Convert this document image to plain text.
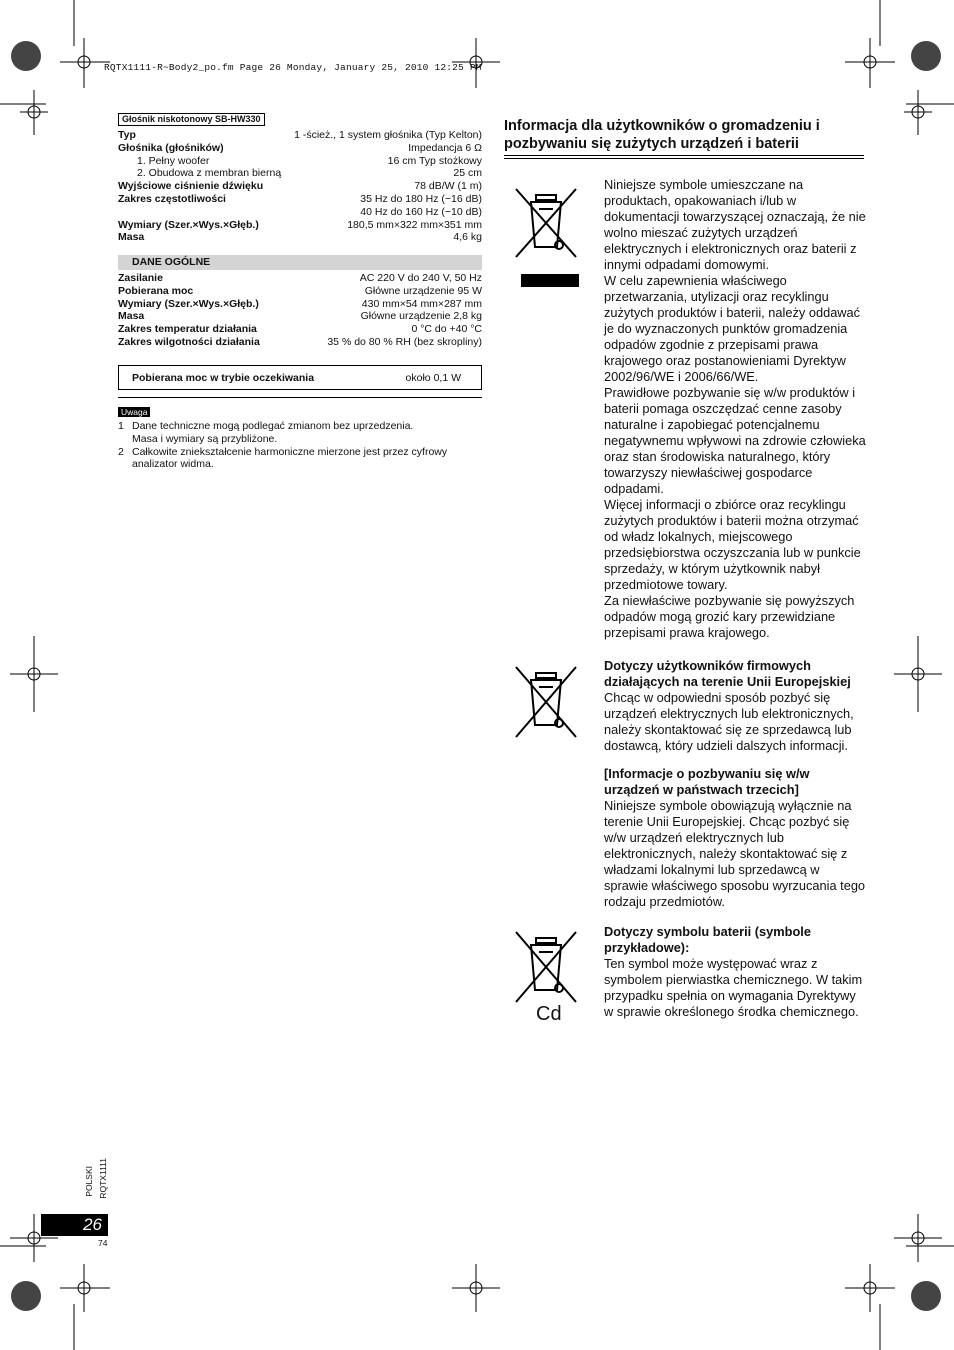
RQTX1111-R~Body2_po.fm Page 26 Monday, January 25, 2010 12:25 PM
Głośnik niskotonowy SB-HW330
Typ	1 -ścież., 1 system głośnika (Typ Kelton)
Głośnika (głośników)	Impedancja 6 Ω
1. Pełny woofer	16 cm Typ stożkowy
2. Obudowa z membran bierną	25 cm
Wyjściowe ciśnienie dźwięku	78 dB/W (1 m)
Zakres częstotliwości	35 Hz do 180 Hz (−16 dB)
40 Hz do 160 Hz (−10 dB)
Wymiary (Szer.×Wys.×Głęb.)	180,5 mm×322 mm×351 mm
Masa	4,6 kg
DANE OGÓLNE
Zasilanie	AC 220 V do 240 V, 50 Hz
Pobierana moc	Główne urządzenie 95 W
Wymiary (Szer.×Wys.×Głęb.)	430 mm×54 mm×287 mm
Masa	Główne urządzenie 2,8 kg
Zakres temperatur działania	0 °C do +40 °C
Zakres wilgotności działania	35 % do 80 % RH (bez skropliny)
Pobierana moc w trybie oczekiwania	około 0,1 W
Uwaga
1 Dane techniczne mogą podlegać zmianom bez uprzedzenia.
Masa i wymiary są przybliżone.
2 Całkowite zniekształcenie harmoniczne mierzone jest przez cyfrowy
analizator widma.
Informacja dla użytkowników o gromadzeniu i pozbywaniu się zużytych urządzeń i baterii
Niniejsze symbole umieszczane na produktach, opakowaniach i/lub w dokumentacji towarzyszącej oznaczają, że nie wolno mieszać zużytych urządzeń elektrycznych i elektronicznych oraz baterii z innymi odpadami domowymi.
W celu zapewnienia właściwego przetwarzania, utylizacji oraz recyklingu zużytych produktów i baterii, należy oddawać je do wyznaczonych punktów gromadzenia odpadów zgodnie z przepisami prawa krajowego oraz postanowieniami Dyrektyw 2002/96/WE i 2006/66/WE.
Prawidłowe pozbywanie się w/w produktów i baterii pomaga oszczędzać cenne zasoby naturalne i zapobiegać potencjalnemu negatywnemu wpływowi na zdrowie człowieka oraz stan środowiska naturalnego, który towarzyszy niewłaściwej gospodarce odpadami.
Więcej informacji o zbiórce oraz recyklingu zużytych produktów i baterii można otrzymać od władz lokalnych, miejscowego przedsiębiorstwa oczyszczania lub w punkcie sprzedaży, w którym użytkownik nabył przedmiotowe towary.
Za niewłaściwe pozbywanie się powyższych odpadów mogą grozić kary przewidziane przepisami prawa krajowego.
Dotyczy użytkowników firmowych działających na terenie Unii Europejskiej
Chcąc w odpowiedni sposób pozbyć się urządzeń elektrycznych lub elektronicznych, należy skontaktować się ze sprzedawcą lub dostawcą, który udzieli dalszych informacji.
[Informacje o pozbywaniu się w/w urządzeń w państwach trzecich]
Niniejsze symbole obowiązują wyłącznie na terenie Unii Europejskiej. Chcąc pozbyć się w/w urządzeń elektrycznych lub elektronicznych, należy skontaktować się z władzami lokalnymi lub sprzedawcą w sprawie właściwego sposobu wyrzucania tego rodzaju przedmiotów.
Cd
Dotyczy symbolu baterii (symbole przykładowe):
Ten symbol może występować wraz z symbolem pierwiastka chemicznego. W takim przypadku spełnia on wymagania Dyrektywy w sprawie określonego środka chemicznego.
POLSKI RQTX1111
26
74
